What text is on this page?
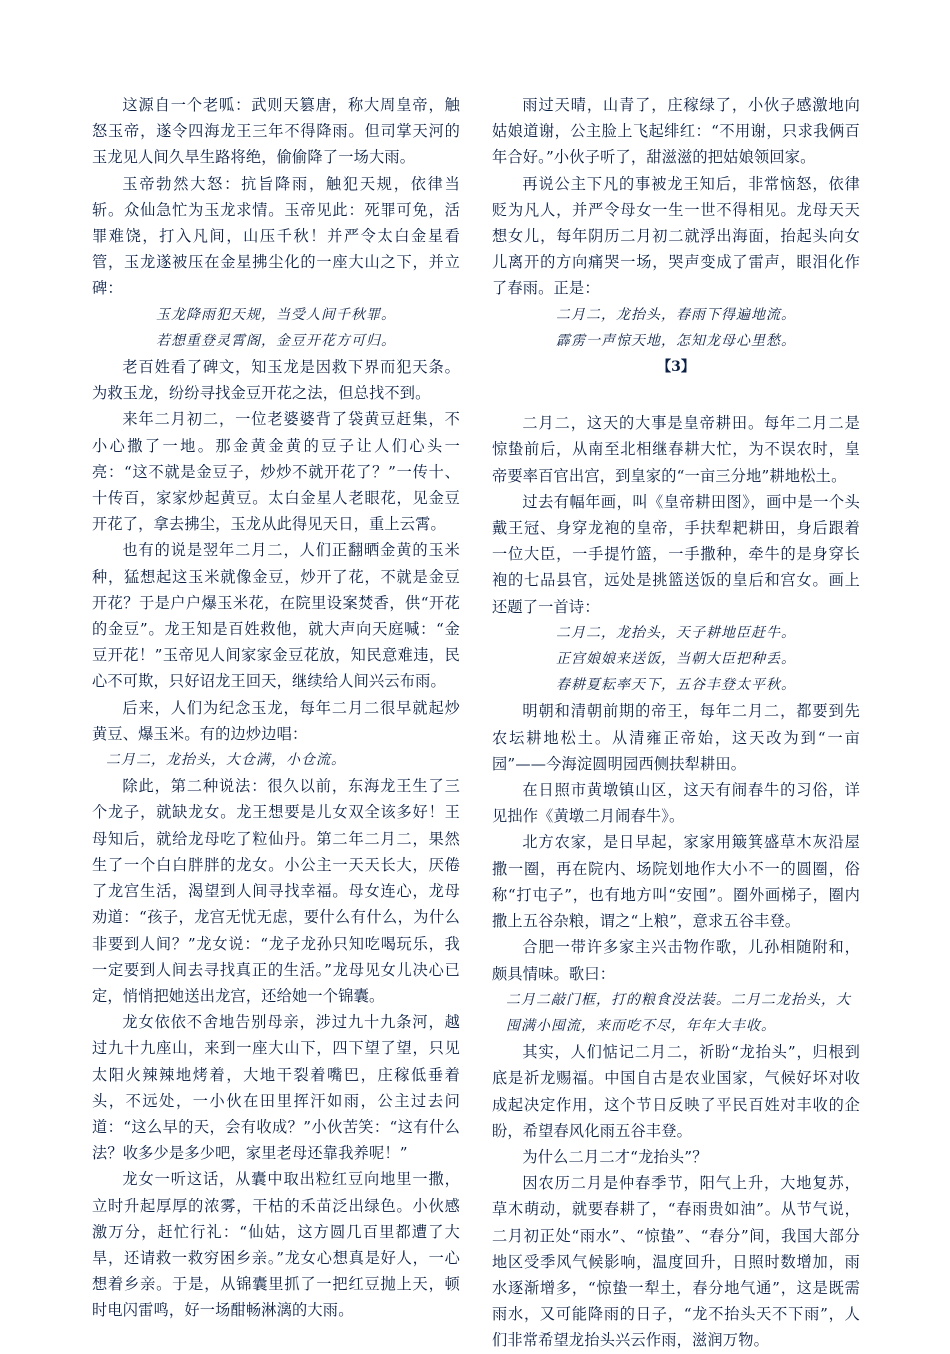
这源自一个老呱：武则天篡唐，称大周皇帝，触怒玉帝，遂令四海龙王三年不得降雨。但司掌天河的玉龙见人间久旱生路将绝，偷偷降了一场大雨。

玉帝勃然大怒：抗旨降雨，触犯天规，依律当斩。众仙急忙为玉龙求情。玉帝见此：死罪可免，活罪难饶，打入凡间，山压千秋！并严令太白金星看管，玉龙遂被压在金星拂尘化的一座大山之下，并立碑：

玉龙降雨犯天规，当受人间千秋罪。

若想重登灵霄阁，金豆开花方可归。

老百姓看了碑文，知玉龙是因救下界而犯天条。为救玉龙，纷纷寻找金豆开花之法，但总找不到。

来年二月初二，一位老婆婆背了袋黄豆赶集，不小心撒了一地。那金黄金黄的豆子让人们心头一亮：“这不就是金豆子，炒炒不就开花了？”一传十、十传百，家家炒起黄豆。太白金星人老眼花，见金豆开花了，拿去拂尘，玉龙从此得见天日，重上云霄。

也有的说是翌年二月二，人们正翻晒金黄的玉米种，猛想起这玉米就像金豆，炒开了花，不就是金豆开花？于是户户爆玉米花，在院里设案焚香，供“开花的金豆”。龙王知是百姓救他，就大声向天庭喊：“金豆开花！”玉帝见人间家家金豆花放，知民意难违，民心不可欺，只好诏龙王回天，继续给人间兴云布雨。

后来，人们为纪念玉龙，每年二月二很早就起炒黄豆、爆玉米。有的边炒边唱：

二月二，龙抬头，大仓满，小仓流。

除此，第二种说法：很久以前，东海龙王生了三个龙子，就缺龙女。龙王想要是儿女双全该多好！王母知后，就给龙母吃了粒仙丹。第二年二月二，果然生了一个白白胖胖的龙女。小公主一天天长大，厌倦了龙宫生活，渴望到人间寻找幸福。母女连心，龙母劝道：“孩子，龙宫无忧无虑，要什么有什么，为什么非要到人间？”龙女说：“龙子龙孙只知吃喝玩乐，我一定要到人间去寻找真正的生活。”龙母见女儿决心已定，悄悄把她送出龙宫，还给她一个锦囊。

龙女依依不舍地告别母亲，涉过九十九条河，越过九十九座山，来到一座大山下，四下望了望，只见太阳火辣辣地烤着，大地干裂着嘴巴，庄稼低垂着头，不远处，一小伙在田里挥汗如雨，公主过去问道：“这么早的天，会有收成？”小伙苦笑：“这有什么法？收多少是多少吧，家里老母还靠我养呢！”

龙女一听这话，从囊中取出粒红豆向地里一撒，立时升起厚厚的浓雾，干枯的禾苗泛出绿色。小伙感激万分，赶忙行礼：“仙姑，这方圆几百里都遭了大旱，还请救一救穷困乡亲。”龙女心想真是好人，一心想着乡亲。于是，从锦囊里抓了一把红豆抛上天，顿时电闪雷鸣，好一场酣畅淋漓的大雨。

雨过天晴，山青了，庄稼绿了，小伙子感激地向姑娘道谢，公主脸上飞起绯红：“不用谢，只求我俩百年合好。”小伙子听了，甜滋滋的把姑娘领回家。

再说公主下凡的事被龙王知后，非常恼怒，依律贬为凡人，并严令母女一生一世不得相见。龙母天天想女儿，每年阴历二月初二就浮出海面，抬起头向女儿离开的方向痛哭一场，哭声变成了雷声，眼泪化作了春雨。正是：

二月二，龙抬头，春雨下得遍地流。

霹雳一声惊天地，怎知龙母心里愁。

【3】

二月二，这天的大事是皇帝耕田。每年二月二是惊蛰前后，从南至北相继春耕大忙，为不误农时，皇帝要率百官出宫，到皇家的“一亩三分地”耕地松土。

过去有幅年画，叫《皇帝耕田图》，画中是一个头戴王冠、身穿龙袍的皇帝，手扶犁耙耕田，身后跟着一位大臣，一手提竹篮，一手撒种，牵牛的是身穿长袍的七品县官，远处是挑篮送饭的皇后和宫女。画上还题了一首诗：

二月二，龙抬头，天子耕地臣赶牛。

正宫娘娘来送饭，当朝大臣把种丢。

春耕夏耘率天下，五谷丰登太平秋。

明朝和清朝前期的帝王，每年二月二，都要到先农坛耕地松土。从清雍正帝始，这天改为到“一亩园”——今海淀圆明园西侧扶犁耕田。

在日照市黄墩镇山区，这天有闹春牛的习俗，详见拙作《黄墩二月闹春牛》。

北方农家，是日早起，家家用簸箕盛草木灰沿屋撒一圈，再在院内、场院划地作大小不一的圆圈，俗称“打屯子”，也有地方叫“安囤”。圈外画梯子，圈内撒上五谷杂粮，谓之“上粮”，意求五谷丰登。

合肥一带许多家主兴击物作歌，儿孙相随附和，颇具情味。歌曰：

二月二敲门框，打的粮食没法装。二月二龙抬头，大囤满小囤流，来而吃不尽，年年大丰收。

其实，人们惦记二月二，祈盼“龙抬头”，归根到底是祈龙赐福。中国自古是农业国家，气候好坏对收成起决定作用，这个节日反映了平民百姓对丰收的企盼，希望春风化雨五谷丰登。

为什么二月二才“龙抬头”？

因农历二月是仲春季节，阳气上升，大地复苏，草木萌动，就要春耕了，“春雨贵如油”。从节气说，二月初正处“雨水”、“惊蛰”、“春分”间，我国大部分地区受季风气候影响，温度回升，日照时数增加，雨水逐渐增多，“惊蛰一犁土，春分地气通”，这是既需雨水，又可能降雨的日子，“龙不抬头天不下雨”，人们非常希望龙抬头兴云作雨，滋润万物。
